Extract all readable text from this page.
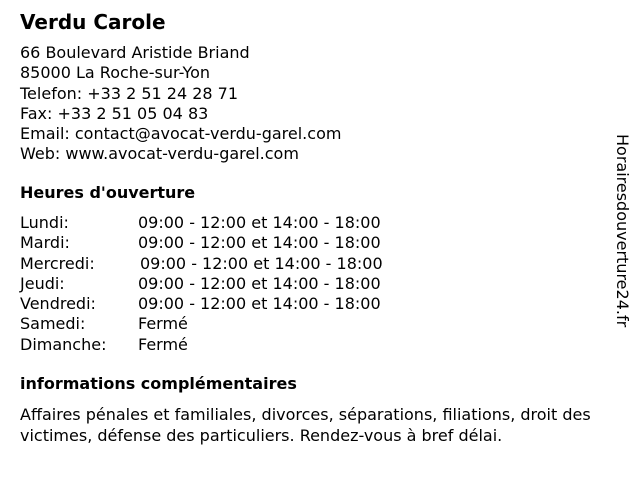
Verdu Carole
66 Boulevard Aristide Briand
85000 La Roche-sur-Yon
Telefon: +33 2 51 24 28 71
Fax: +33 2 51 05 04 83
Email: contact@avocat-verdu-garel.com
Web: www.avocat-verdu-garel.com
Heures d'ouverture
Lundi:	09:00 - 12:00 et 14:00 - 18:00
Mardi:	09:00 - 12:00 et 14:00 - 18:00
Mercredi:	09:00 - 12:00 et 14:00 - 18:00
Jeudi:	09:00 - 12:00 et 14:00 - 18:00
Vendredi:	09:00 - 12:00 et 14:00 - 18:00
Samedi:	Fermé
Dimanche: Fermé
informations complémentaires

Affaires pénales et familiales, divorces, séparations, filiations, droit des victimes, défense des particuliers. Rendez-vous à bref délai.

Horairesdouverture24.fr
